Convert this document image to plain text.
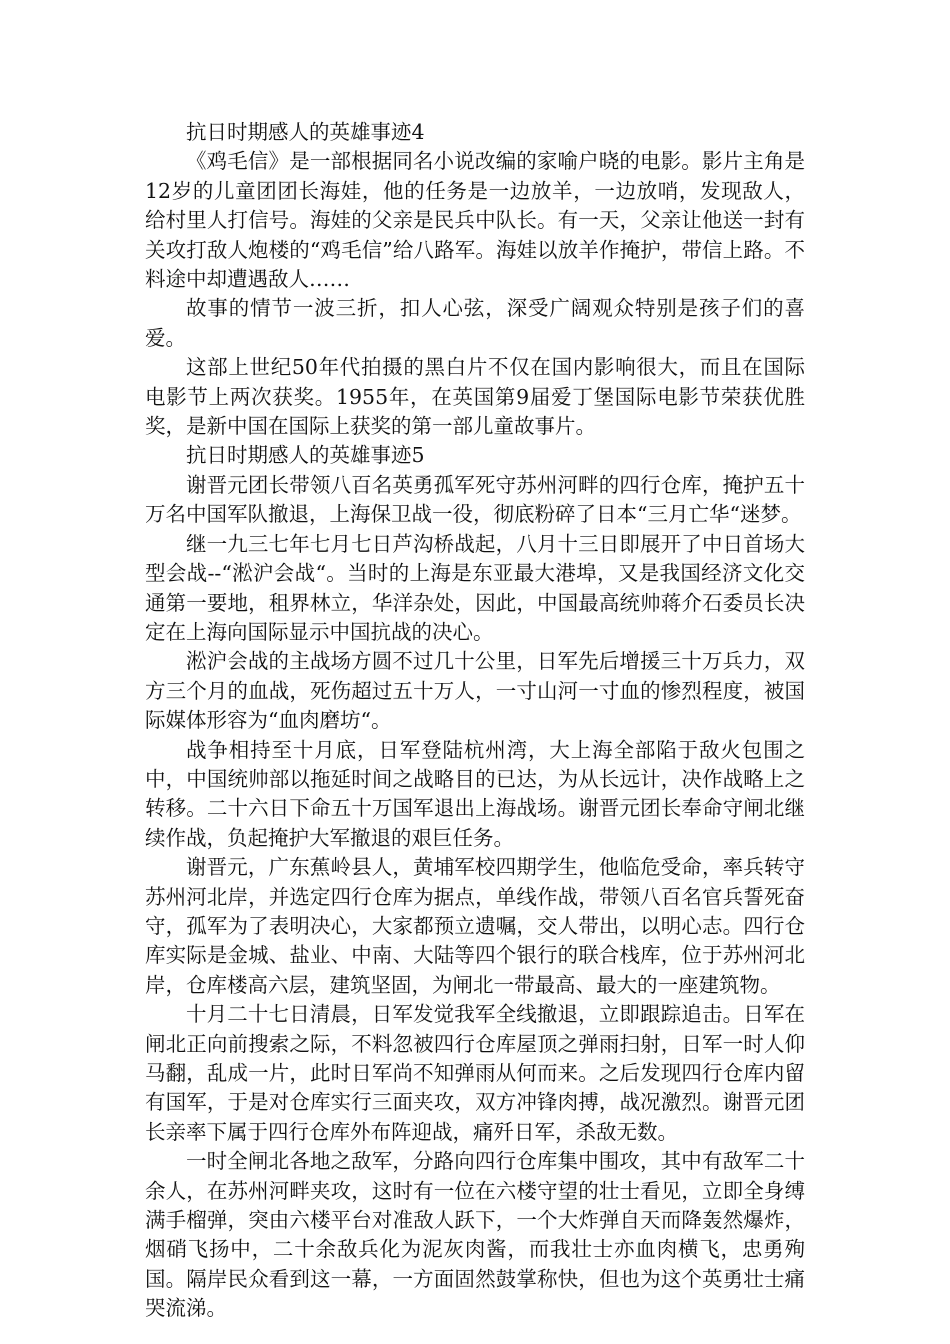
抗日时期感人的英雄事迹4

《鸡毛信》是一部根据同名小说改编的家喻户晓的电影。影片主角是12岁的儿童团团长海娃，他的任务是一边放羊，一边放哨，发现敌人，给村里人打信号。海娃的父亲是民兵中队长。有一天，父亲让他送一封有关攻打敌人炮楼的“鸡毛信”给八路军。海娃以放羊作掩护，带信上路。不料途中却遭遇敌人……

故事的情节一波三折，扣人心弦，深受广阔观众特别是孩子们的喜爱。

这部上世纪50年代拍摄的黑白片不仅在国内影响很大，而且在国际电影节上两次获奖。1955年，在英国第9届爱丁堡国际电影节荣获优胜奖，是新中国在国际上获奖的第一部儿童故事片。

抗日时期感人的英雄事迹5

谢晋元团长带领八百名英勇孤军死守苏州河畔的四行仓库，掩护五十万名中国军队撤退，上海保卫战一役，彻底粉碎了日本“三月亡华“迷梦。

继一九三七年七月七日芦沟桥战起，八月十三日即展开了中日首场大型会战--“淞沪会战“。当时的上海是东亚最大港埠，又是我国经济文化交通第一要地，租界林立，华洋杂处，因此，中国最高统帅蒋介石委员长决定在上海向国际显示中国抗战的决心。

淞沪会战的主战场方圆不过几十公里，日军先后增援三十万兵力，双方三个月的血战，死伤超过五十万人，一寸山河一寸血的惨烈程度，被国际媒体形容为“血肉磨坊“。

战争相持至十月底，日军登陆杭州湾，大上海全部陷于敌火包围之中，中国统帅部以拖延时间之战略目的已达，为从长远计，决作战略上之转移。二十六日下命五十万国军退出上海战场。谢晋元团长奉命守闸北继续作战，负起掩护大军撤退的艰巨任务。

谢晋元，广东蕉岭县人，黄埔军校四期学生，他临危受命，率兵转守苏州河北岸，并选定四行仓库为据点，单线作战，带领八百名官兵誓死奋守，孤军为了表明决心，大家都预立遗嘱，交人带出，以明心志。四行仓库实际是金城、盐业、中南、大陆等四个银行的联合栈库，位于苏州河北岸，仓库楼高六层，建筑坚固，为闸北一带最高、最大的一座建筑物。

十月二十七日清晨，日军发觉我军全线撤退，立即跟踪追击。日军在闸北正向前搜索之际，不料忽被四行仓库屋顶之弹雨扫射，日军一时人仰马翻，乱成一片，此时日军尚不知弹雨从何而来。之后发现四行仓库内留有国军，于是对仓库实行三面夹攻，双方冲锋肉搏，战况激烈。谢晋元团长亲率下属于四行仓库外布阵迎战，痛歼日军，杀敌无数。

一时全闸北各地之敌军，分路向四行仓库集中围攻，其中有敌军二十余人，在苏州河畔夹攻，这时有一位在六楼守望的壮士看见，立即全身缚满手榴弹，突由六楼平台对准敌人跃下，一个大炸弹自天而降轰然爆炸，烟硝飞扬中，二十余敌兵化为泥灰肉酱，而我壮士亦血肉横飞，忠勇殉国。隔岸民众看到这一幕，一方面固然鼓掌称快，但也为这个英勇壮士痛哭流涕。
